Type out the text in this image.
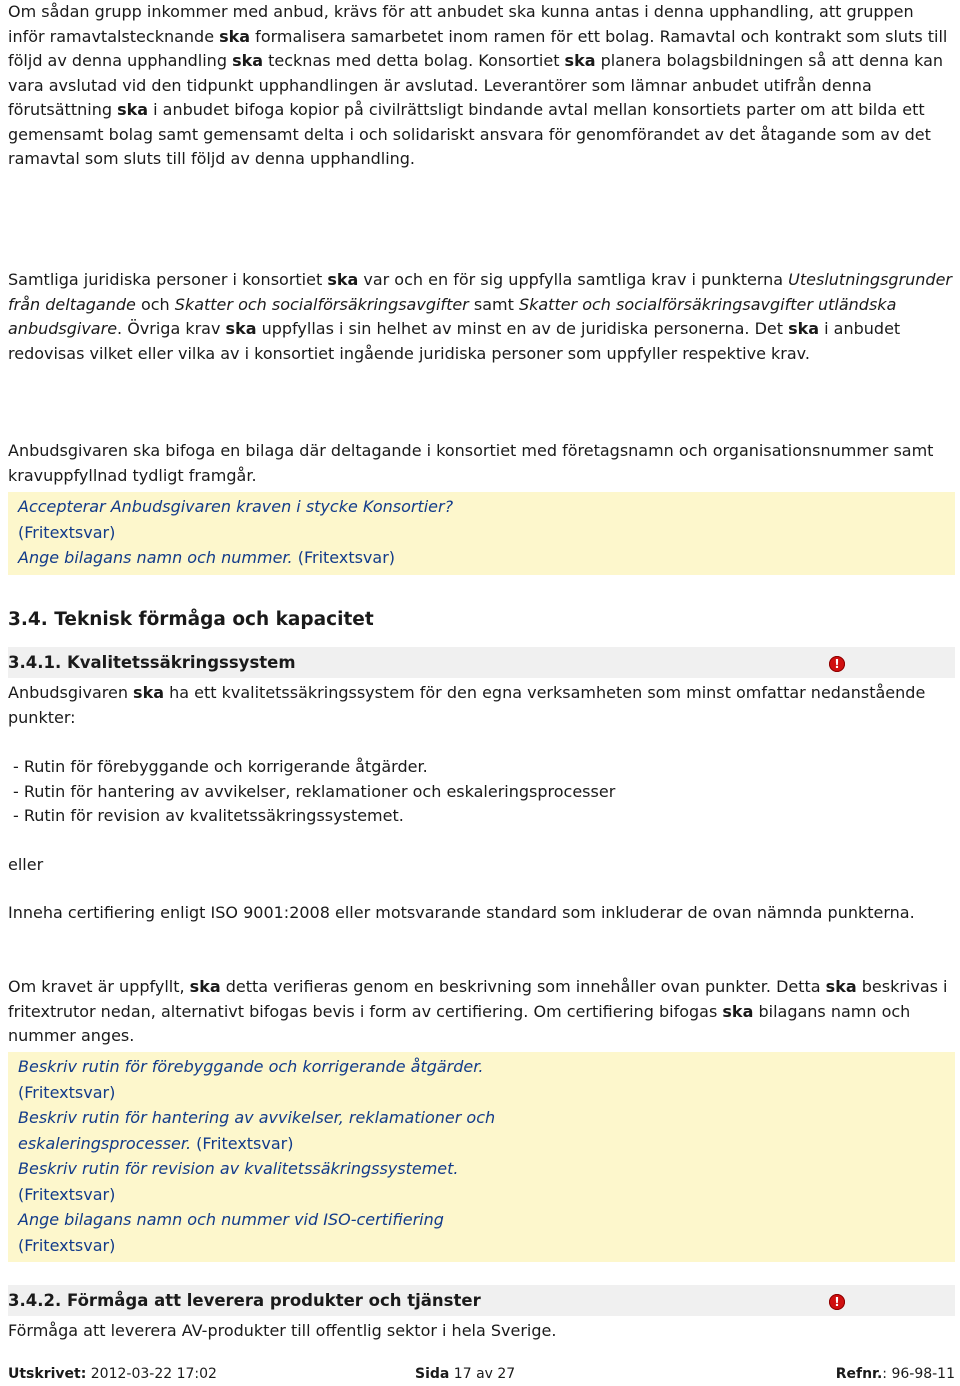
Om sådan grupp inkommer med anbud, krävs för att anbudet ska kunna antas i denna upphandling, att gruppen inför ramavtalstecknande ska formalisera samarbetet inom ramen för ett bolag. Ramavtal och kontrakt som sluts till följd av denna upphandling ska tecknas med detta bolag. Konsortiet ska planera bolagsbildningen så att denna kan vara avslutad vid den tidpunkt upphandlingen är avslutad. Leverantörer som lämnar anbudet utifrån denna förutsättning ska i anbudet bifoga kopior på civilrättsligt bindande avtal mellan konsortiets parter om att bilda ett gemensamt bolag samt gemensamt delta i och solidariskt ansvara för genomförandet av det åtagande som av det ramavtal som sluts till följd av denna upphandling.

Samtliga juridiska personer i konsortiet ska var och en för sig uppfylla samtliga krav i punkterna Uteslutningsgrunder från deltagande och Skatter och socialförsäkringsavgifter samt Skatter och socialförsäkringsavgifter utländska anbudsgivare. Övriga krav ska uppfyllas i sin helhet av minst en av de juridiska personerna. Det ska i anbudet redovisas vilket eller vilka av i konsortiet ingående juridiska personer som uppfyller respektive krav.

Anbudsgivaren ska bifoga en bilaga där deltagande i konsortiet med företagsnamn och organisationsnummer samt kravuppfyllnad tydligt framgår.

Accepterar Anbudsgivaren kraven i stycke Konsortier?
(Fritextsvar)
Ange bilagans namn och nummer. (Fritextsvar)
3.4. Teknisk förmåga och kapacitet
3.4.1. Kvalitetssäkringssystem	!

Anbudsgivaren ska ha ett kvalitetssäkringssystem för den egna verksamheten som minst omfattar nedanstående punkter:

- Rutin för förebyggande och korrigerande åtgärder.
- Rutin för hantering av avvikelser, reklamationer och eskaleringsprocesser
- Rutin för revision av kvalitetssäkringssystemet.

eller

Inneha certifiering enligt ISO 9001:2008 eller motsvarande standard som inkluderar de ovan nämnda punkterna.

Om kravet är uppfyllt, ska detta verifieras genom en beskrivning som innehåller ovan punkter. Detta ska beskrivas i fritextrutor nedan, alternativt bifogas bevis i form av certifiering. Om certifiering bifogas ska bilagans namn och nummer anges.

Beskriv rutin för förebyggande och korrigerande åtgärder.
(Fritextsvar)
Beskriv rutin för hantering av avvikelser, reklamationer och
eskaleringsprocesser. (Fritextsvar)
Beskriv rutin för revision av kvalitetssäkringssystemet.
(Fritextsvar)
Ange bilagans namn och nummer vid ISO-certifiering
(Fritextsvar)
3.4.2. Förmåga att leverera produkter och tjänster	!

Förmåga att leverera AV-produkter till offentlig sektor i hela Sverige.

Utskrivet: 2012-03-22 17:02	Sida 17 av 27	Refnr.: 96-98-11
